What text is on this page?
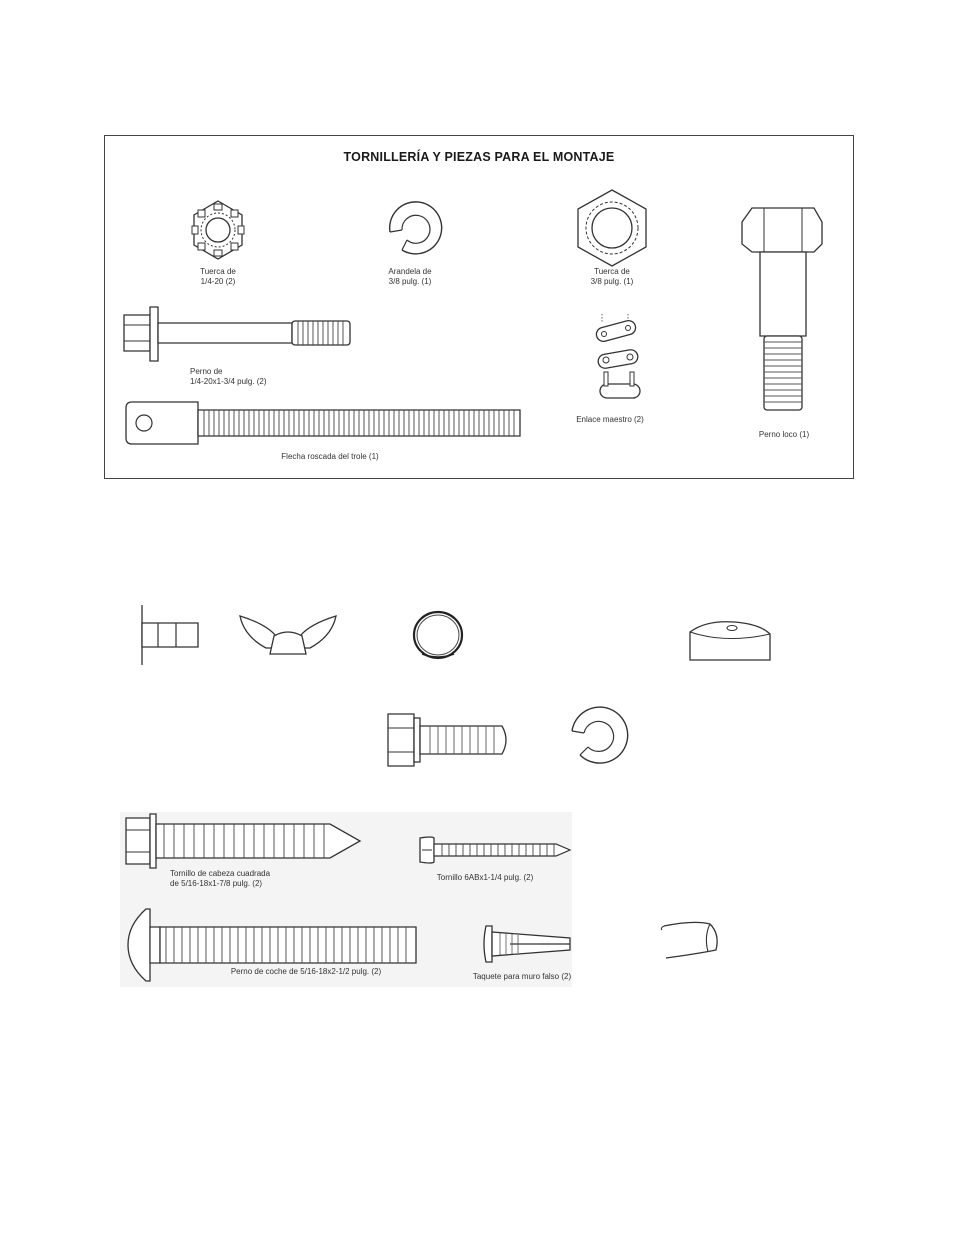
TORNILLERÍA Y PIEZAS PARA EL MONTAJE
Tuerca de
1/4-20 (2)
Arandela de
3/8 pulg. (1)
Tuerca de
3/8 pulg. (1)
Perno loco (1)
Perno de
1/4-20x1-3/4 pulg. (2)
Enlace maestro (2)
Flecha roscada del trole (1)
Tornillo de cabeza cuadrada
de 5/16-18x1-7/8 pulg. (2)
Tornillo 6ABx1-1/4 pulg. (2)
Perno de coche de 5/16-18x2-1/2 pulg. (2)
Taquete para muro falso (2)
